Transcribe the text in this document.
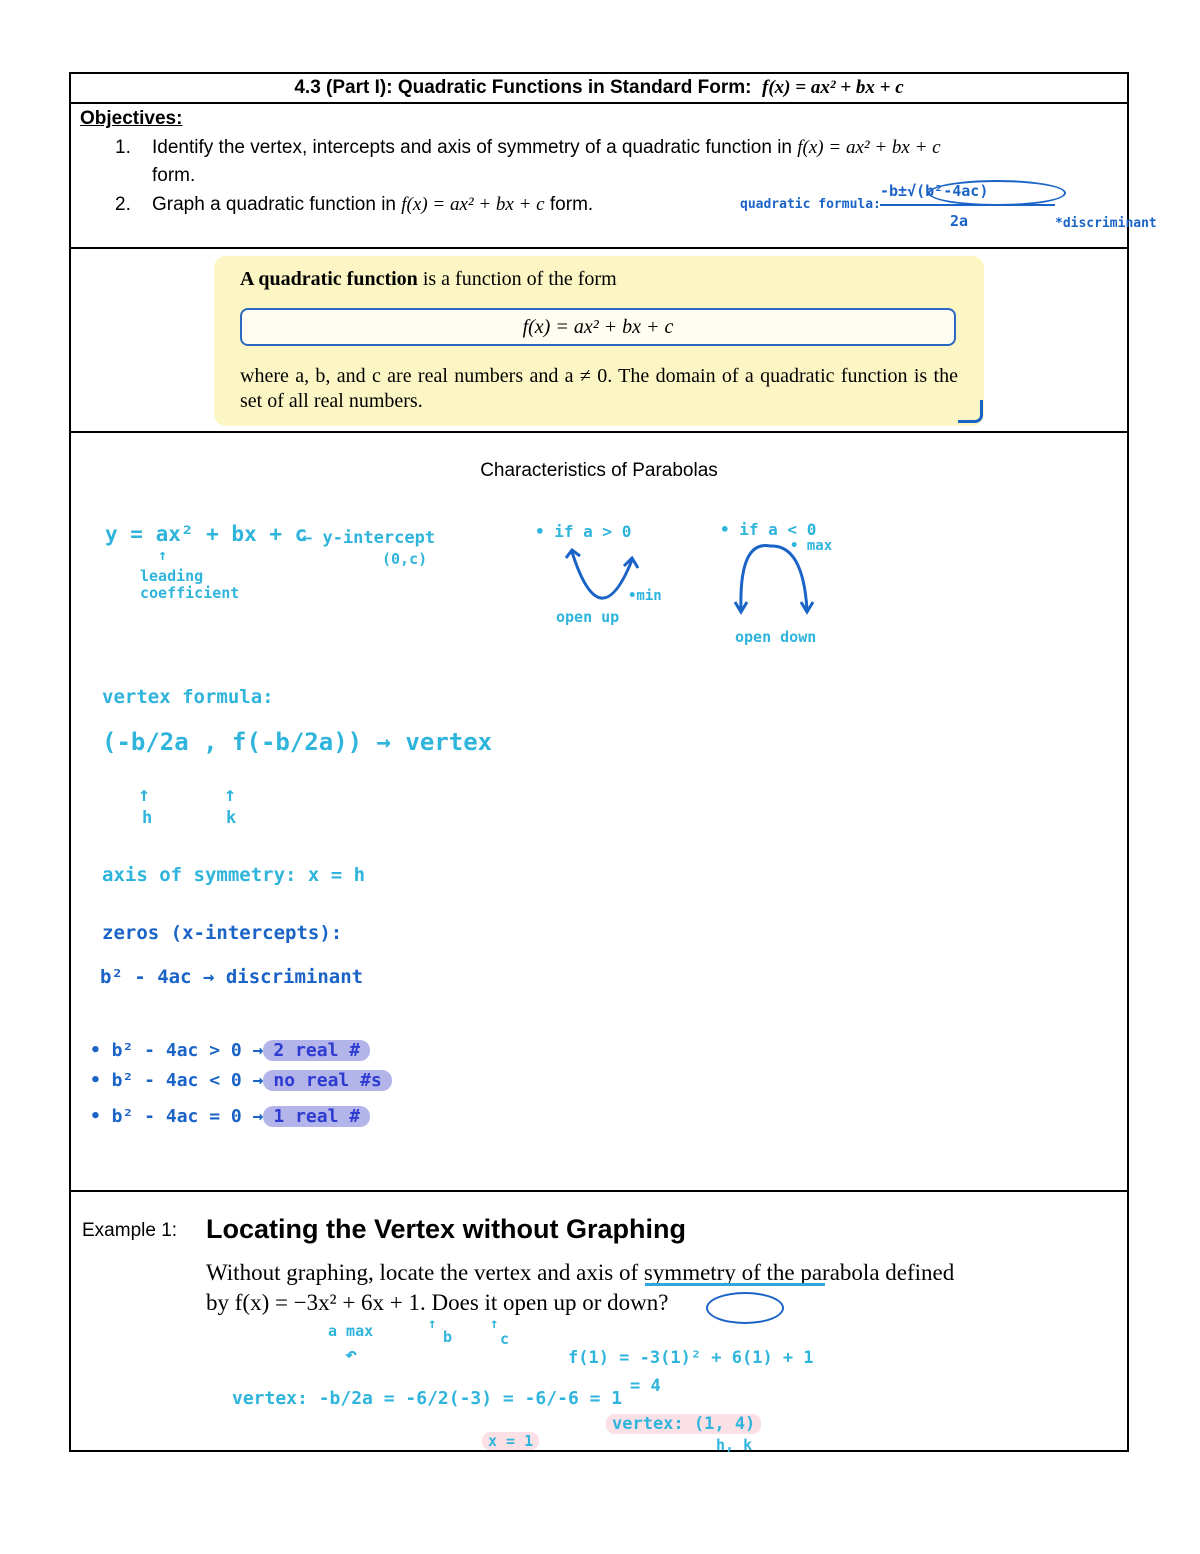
4.3 (Part I): Quadratic Functions in Standard Form: f(x) = ax² + bx + c
Objectives:
1. Identify the vertex, intercepts and axis of symmetry of a quadratic function in f(x) = ax² + bx + c
form.
2. Graph a quadratic function in f(x) = ax² + bx + c form.	quadratic formula:
-b±√(b²-4ac)
2a	*discriminant
A quadratic function is a function of the form
f(x) = ax² + bx + c
where a, b, and c are real numbers and a ≠ 0. The domain of a quadratic function is the set of all real numbers.
Characteristics of Parabolas
y = ax² + bx + c
← y-intercept
(0,c)
↑
leading coefficient
• if a > 0
•min
open up
• if a < 0
• max
open down
vertex formula:
(-b/2a , f(-b/2a)) → vertex
↑	↑
h	k
axis of symmetry: x = h
zeros (x-intercepts):
b² - 4ac → discriminant
• b² - 4ac > 0 → 2 real #
• b² - 4ac < 0 → no real #s
• b² - 4ac = 0 → 1 real #
Example 1: Locating the Vertex without Graphing
Without graphing, locate the vertex and axis of symmetry of the parabola defined
by f(x) = −3x² + 6x + 1. Does it open up or down?
a max
↶
↑
b
↑
c
vertex: -b/2a = -6/2(-3) = -6/-6 = 1
x = 1
f(1) = -3(1)² + 6(1) + 1
= 4
vertex: (1, 4)
h, k
